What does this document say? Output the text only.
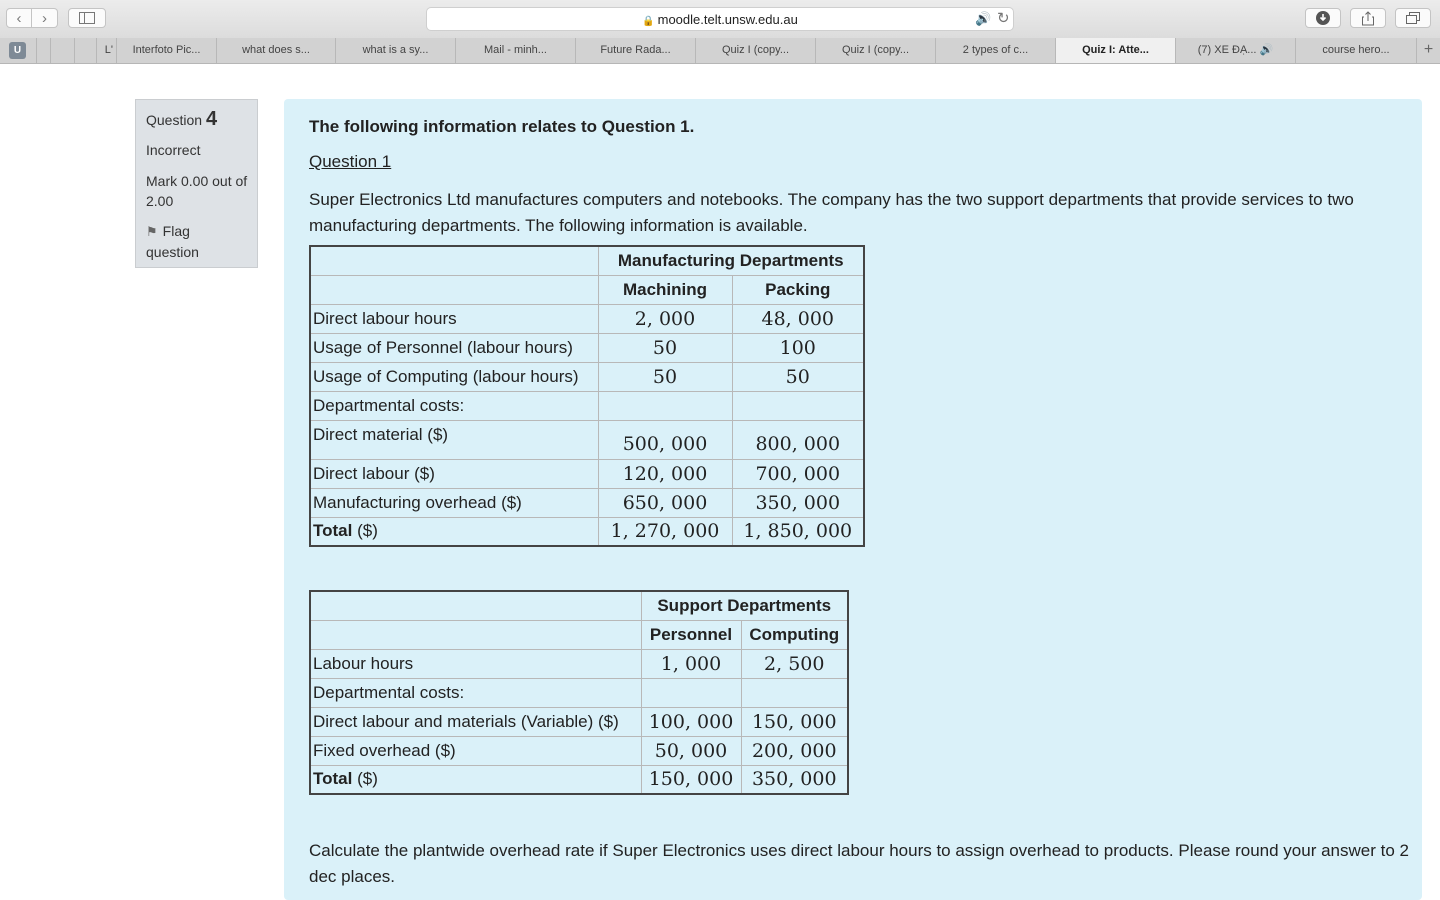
‹ ›	🔒 moodle.telt.unsw.edu.au	🔊 ↻
U	L'	Interfoto Pic...	what does s...	what is a sy...	Mail - minh...	Future Rada...	Quiz I (copy...	Quiz I (copy...	2 types of c...	Quiz I: Atte...	(7) XE ĐẠ... 🔊	course hero...	+
Question 4
Incorrect
Mark 0.00 out of 2.00
⚑ Flag question
The following information relates to Question 1.
Question 1
Super Electronics Ltd manufactures computers and notebooks. The company has the two support departments that provide services to two manufacturing departments. The following information is available.
	Manufacturing Departments	
	Machining	Packing
Direct labour hours	2, 000	48, 000
Usage of Personnel (labour hours)	50	100
Usage of Computing (labour hours)	50	50
Departmental costs:		
Direct material ($)	500, 000	800, 000
Direct labour ($)	120, 000	700, 000
Manufacturing overhead ($)	650, 000	350, 000
Total ($)	1, 270, 000	1, 850, 000
	Support Departments	
	Personnel	Computing
Labour hours	1, 000	2, 500
Departmental costs:		
Direct labour and materials (Variable) ($)	100, 000	150, 000
Fixed overhead ($)	50, 000	200, 000
Total ($)	150, 000	350, 000
Calculate the plantwide overhead rate if Super Electronics uses direct labour hours to assign overhead to products. Please round your answer to 2 dec places.
